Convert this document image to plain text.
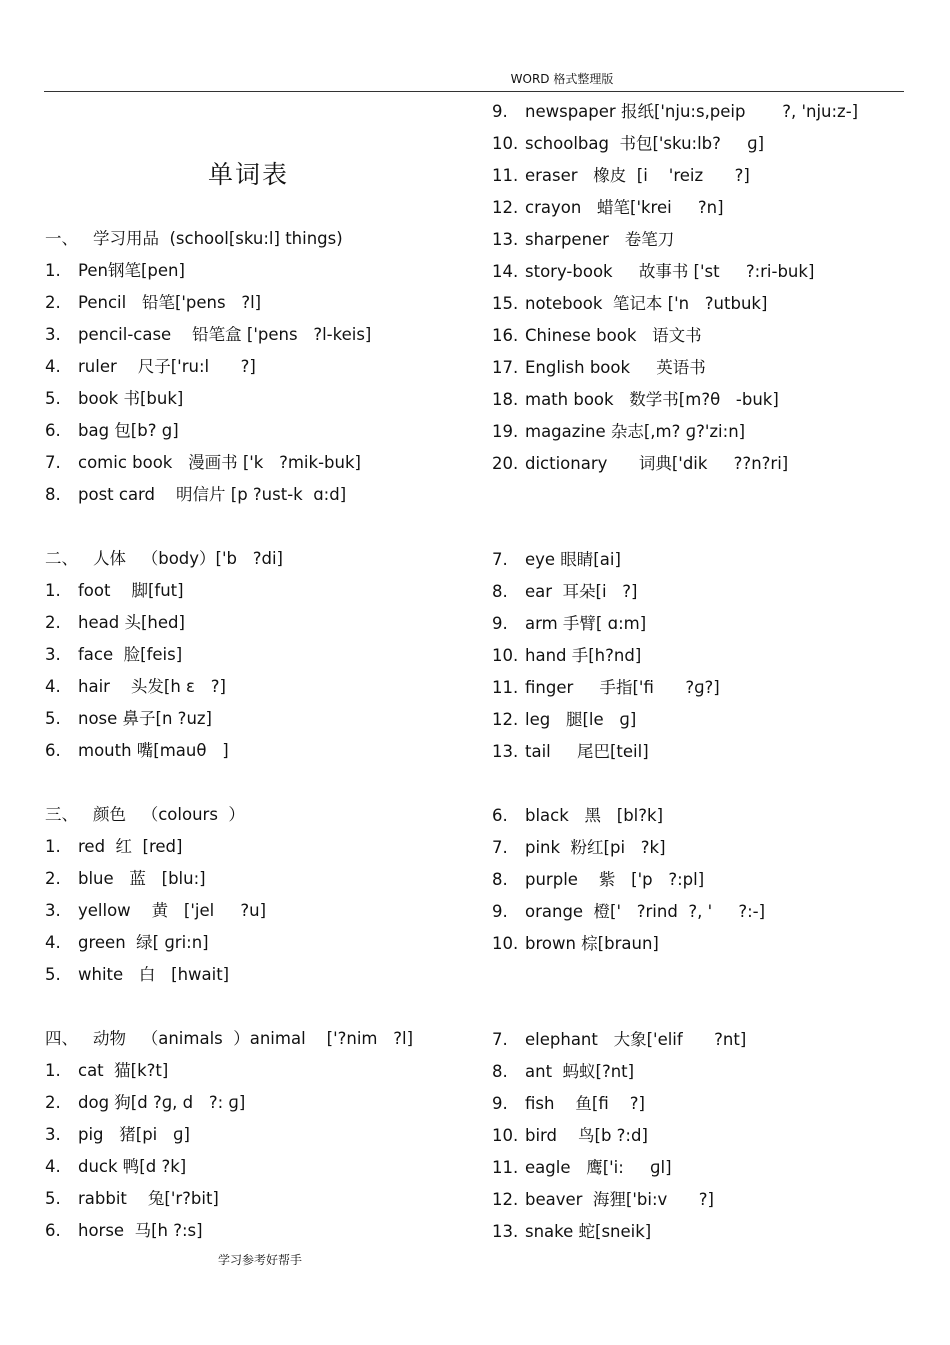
WORD 格式整理版
单词表
一、 学习用品  (school[sku:l] things)
1. Pen钢笔[pen]
2. Pencil   铅笔['pens   ?l]
3. pencil-case    铅笔盒 ['pens   ?l-keis]
4. ruler    尺子['ru:l      ?]
5. book 书[buk]
6. bag 包[b? g]
7. comic book   漫画书 ['k   ?mik-buk]
8. post card    明信片 [p ?ust-k  ɑ:d]
二、 人体   （body）['b   ?di]
1. foot    脚[fut]
2. head 头[hed]
3. face  脸[feis]
4. hair    头发[h ε   ?]
5. nose 鼻子[n ?uz]
6. mouth 嘴[mauθ   ]
三、 颜色   （colours  ）
1. red  红  [red]
2. blue   蓝   [blu:]
3. yellow    黄   ['jel     ?u]
4. green  绿[ ɡri:n]
5. white   白   [hwait]
四、 动物   （animals  ）animal    ['?nim   ?l]
1. cat  猫[k?t]
2. dog 狗[d ?ɡ, d   ?: ɡ]
3. pig   猪[pi   ɡ]
4. duck 鸭[d ?k]
5. rabbit    兔['r?bit]
6. horse  马[h ?:s]
9. newspaper 报纸['nju:s,peip       ?, 'nju:z-]
10. schoolbag  书包['sku:lb?     ɡ]
11. eraser   橡皮  [i    'reiz      ?]
12. crayon   蜡笔['krei     ?n]
13. sharpener   卷笔刀
14. story-book     故事书 ['st     ?:ri-buk]
15. notebook  笔记本 ['n   ?utbuk]
16. Chinese book   语文书
17. English book     英语书
18. math book   数学书[m?θ   -buk]
19. magazine 杂志[,m? ɡ?'zi:n]
20. dictionary      词典['dik     ??n?ri]
7. eye 眼睛[ai]
8. ear  耳朵[i   ?]
9. arm 手臂[ ɑ:m]
10. hand 手[h?nd]
11. finger     手指['fi      ?ɡ?]
12. leg   腿[le   ɡ]
13. tail     尾巴[teil]
6. black   黑   [bl?k]
7. pink  粉红[pi   ?k]
8. purple    紫   ['p   ?:pl]
9. orange  橙['   ?rind  ?, '     ?:-]
10. brown 棕[braun]
7. elephant   大象['elif      ?nt]
8. ant  蚂蚁[?nt]
9. fish    鱼[fi    ?]
10. bird    鸟[b ?:d]
11. eagle   鹰['i:     ɡl]
12. beaver  海狸['bi:v      ?]
13. snake 蛇[sneik]
学习参考好帮手
